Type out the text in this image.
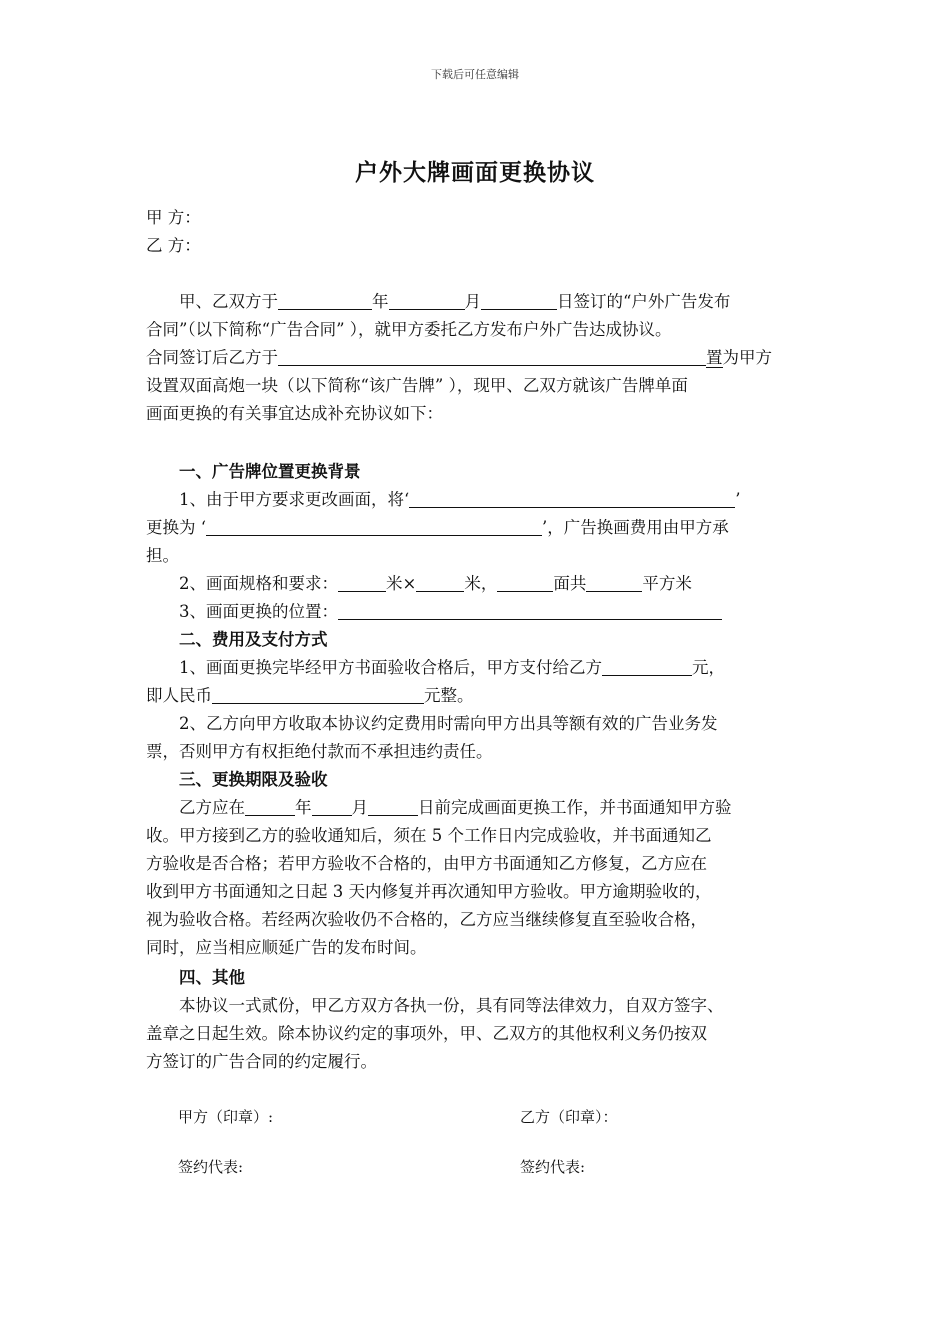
下载后可任意编辑
户外大牌画面更换协议
甲 方：
乙 方：
甲、乙双方于	年	月	日签订的“户外广告发布
合同”（以下简称“广告合同” ），就甲方委托乙方发布户外广告达成协议。
合同签订后乙方于	置为甲方
设置双面高炮一块（以下简称“该广告牌” ），现甲、乙双方就该广告牌单面
画面更换的有关事宜达成补充协议如下：
一、广告牌位置更换背景
1、由于甲方要求更改画面，将‘	’
更换为 ‘	’，广告换画费用由甲方承
担。
2、画面规格和要求：	米×	米，	面共	平方米
3、画面更换的位置：
二、费用及支付方式
1、画面更换完毕经甲方书面验收合格后，甲方支付给乙方	元，
即人民币	元整。
2、乙方向甲方收取本协议约定费用时需向甲方出具等额有效的广告业务发
票，否则甲方有权拒绝付款而不承担违约责任。
三、更换期限及验收
乙方应在	年 月	日前完成画面更换工作，并书面通知甲方验
收。甲方接到乙方的验收通知后，须在 5 个工作日内完成验收，并书面通知乙
方验收是否合格；若甲方验收不合格的，由甲方书面通知乙方修复，乙方应在
收到甲方书面通知之日起 3 天内修复并再次通知甲方验收。甲方逾期验收的，
视为验收合格。若经两次验收仍不合格的，乙方应当继续修复直至验收合格，
同时，应当相应顺延广告的发布时间。
四、其他
本协议一式贰份，甲乙方双方各执一份，具有同等法律效力，自双方签字、
盖章之日起生效。除本协议约定的事项外，甲、乙双方的其他权利义务仍按双
方签订的广告合同的约定履行。
甲方（印章）:	乙方（印章）：
签约代表:	签约代表:
